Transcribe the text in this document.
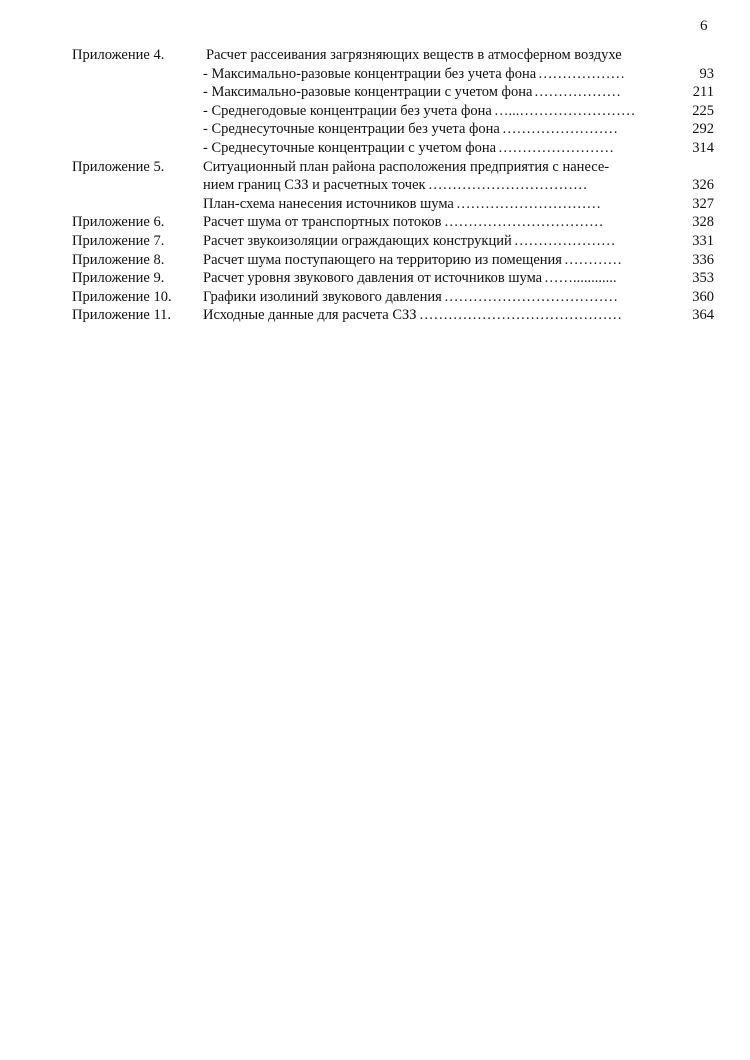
6
Приложение 4.	Расчет рассеивания загрязняющих веществ в атмосферном воздухе
- Максимально-разовые концентрации без учета фона	93
………………
- Максимально-разовые концентрации с учетом фона	211
………………
- Среднегодовые концентрации без учета фона	225
…...……………………
- Среднесуточные концентрации без учета фона	292
……………………
- Среднесуточные концентрации с учетом фона	314
……………………
Приложение 5.	Ситуационный план района расположения предприятия с нанесе-
нием границ СЗЗ и расчетных точек	326
……………………………
План-схема нанесения источников шума	327
…………………………
Приложение 6.	Расчет шума от транспортных потоков	328
……………………………
Приложение 7.	Расчет звукоизоляции ограждающих конструкций	331
…………………
Приложение 8.	Расчет шума поступающего на территорию из помещения	336
…………
Приложение 9.	Расчет уровня звукового давления от источников шума	353
……............
Приложение 10. Графики изолиний звукового давления	360
………………………………
Приложение 11. Исходные данные для расчета СЗЗ	364
……………………………………
